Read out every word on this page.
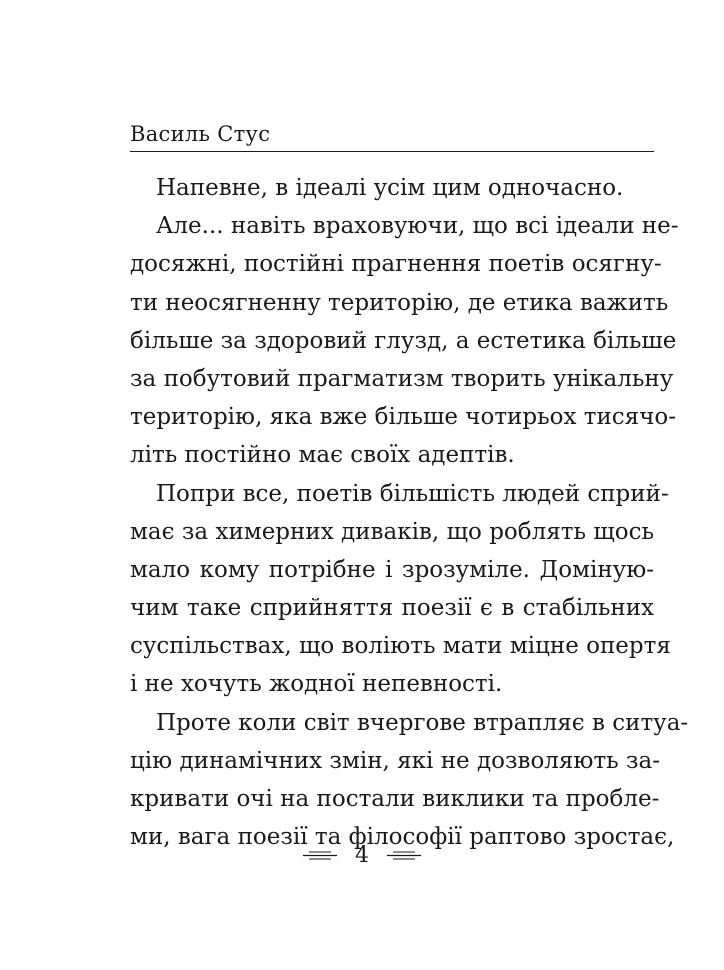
Василь Стус
Напевне, в ідеалі усім цим одночасно.
Але... навіть враховуючи, що всі ідеали не-
досяжні, постійні прагнення поетів осягну-
ти неосягненну територію, де етика важить
більше за здоровий глузд, а естетика більше
за побутовий прагматизм творить унікальну
територію, яка вже більше чотирьох тисячо-
літь постійно має своїх адептів.
Попри все, поетів більшість людей сприй-
має за химерних диваків, що роблять щось
мало кому потрібне і зрозуміле. Доміную-
чим таке сприйняття поезії є в стабільних
суспільствах, що воліють мати міцне опертя
і не хочуть жодної непевності.
Проте коли світ вчергове втрапляє в ситуа-
цію динамічних змін, які не дозволяють за-
кривати очі на постали виклики та пробле-
ми, вага поезії та філософії раптово зростає,
4
